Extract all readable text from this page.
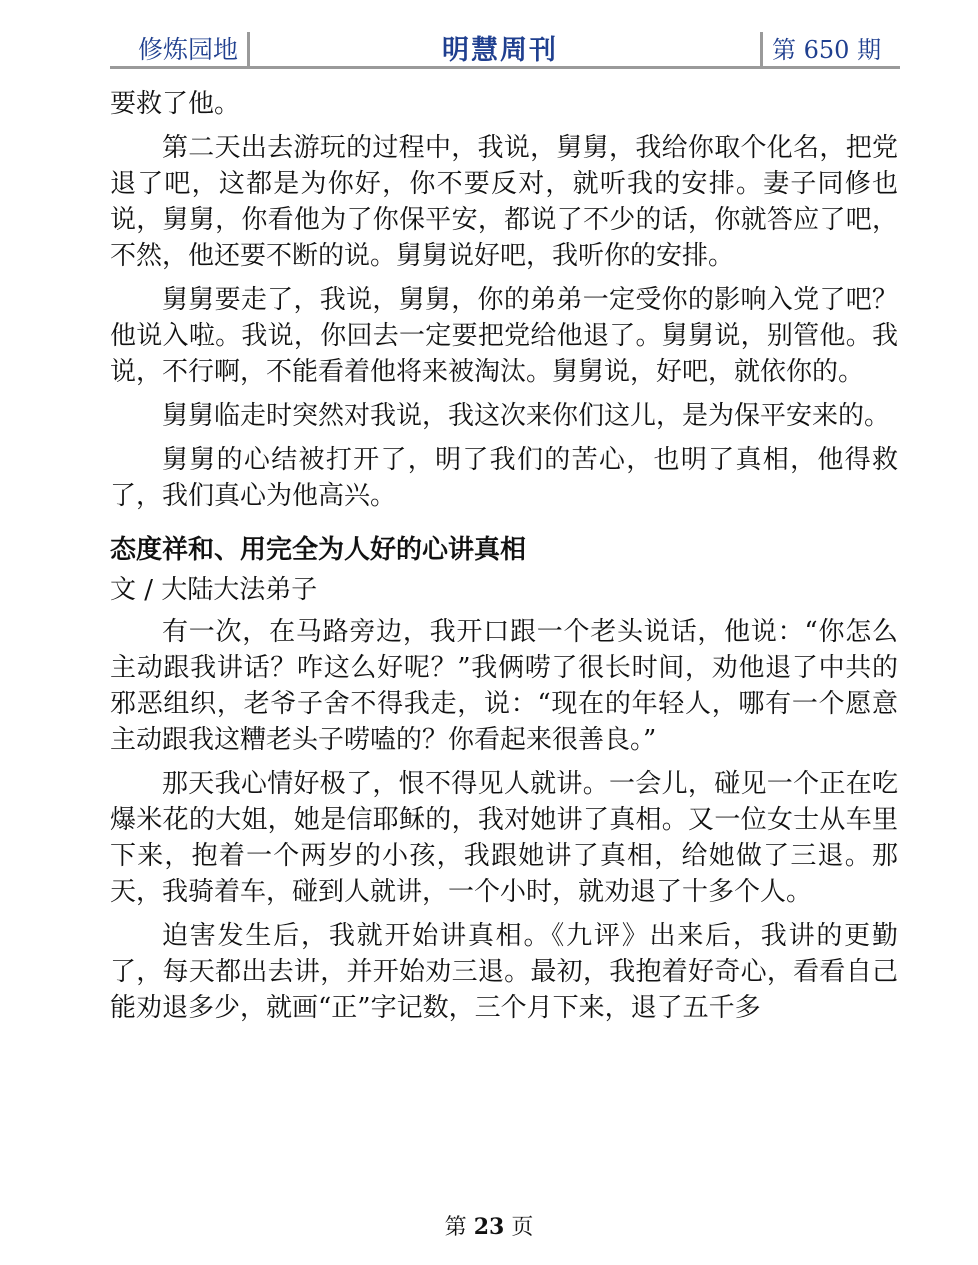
修炼园地	明慧周刊	第 650 期

要救了他。

第二天出去游玩的过程中，我说，舅舅，我给你取个化名，把党退了吧，这都是为你好，你不要反对，就听我的安排。妻子同修也说，舅舅，你看他为了你保平安，都说了不少的话，你就答应了吧，不然，他还要不断的说。舅舅说好吧，我听你的安排。

舅舅要走了，我说，舅舅，你的弟弟一定受你的影响入党了吧？他说入啦。我说，你回去一定要把党给他退了。舅舅说，别管他。我说，不行啊，不能看着他将来被淘汰。舅舅说，好吧，就依你的。

舅舅临走时突然对我说，我这次来你们这儿，是为保平安来的。

舅舅的心结被打开了，明了我们的苦心，也明了真相，他得救了，我们真心为他高兴。

态度祥和、用完全为人好的心讲真相

文 / 大陆大法弟子

有一次，在马路旁边，我开口跟一个老头说话，他说：“你怎么主动跟我讲话？咋这么好呢？”我俩唠了很长时间，劝他退了中共的邪恶组织，老爷子舍不得我走，说：“现在的年轻人，哪有一个愿意主动跟我这糟老头子唠嗑的？你看起来很善良。”

那天我心情好极了，恨不得见人就讲。一会儿，碰见一个正在吃爆米花的大姐，她是信耶稣的，我对她讲了真相。又一位女士从车里下来，抱着一个两岁的小孩，我跟她讲了真相，给她做了三退。那天，我骑着车，碰到人就讲，一个小时，就劝退了十多个人。

迫害发生后，我就开始讲真相。《九评》出来后，我讲的更勤了，每天都出去讲，并开始劝三退。最初，我抱着好奇心，看看自己能劝退多少，就画“正”字记数，三个月下来，退了五千多

第 23 页
